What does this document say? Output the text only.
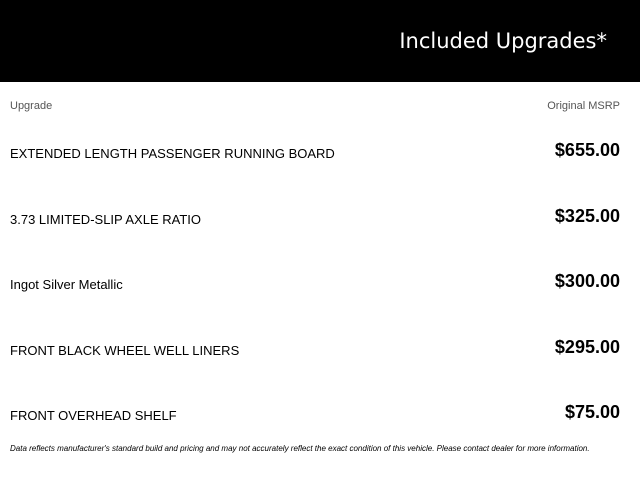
Included Upgrades*
Upgrade	Original MSRP
EXTENDED LENGTH PASSENGER RUNNING BOARD	$655.00
3.73 LIMITED-SLIP AXLE RATIO	$325.00
Ingot Silver Metallic	$300.00
FRONT BLACK WHEEL WELL LINERS	$295.00
FRONT OVERHEAD SHELF	$75.00
Data reflects manufacturer's standard build and pricing and may not accurately reflect the exact condition of this vehicle. Please contact dealer for more information.
